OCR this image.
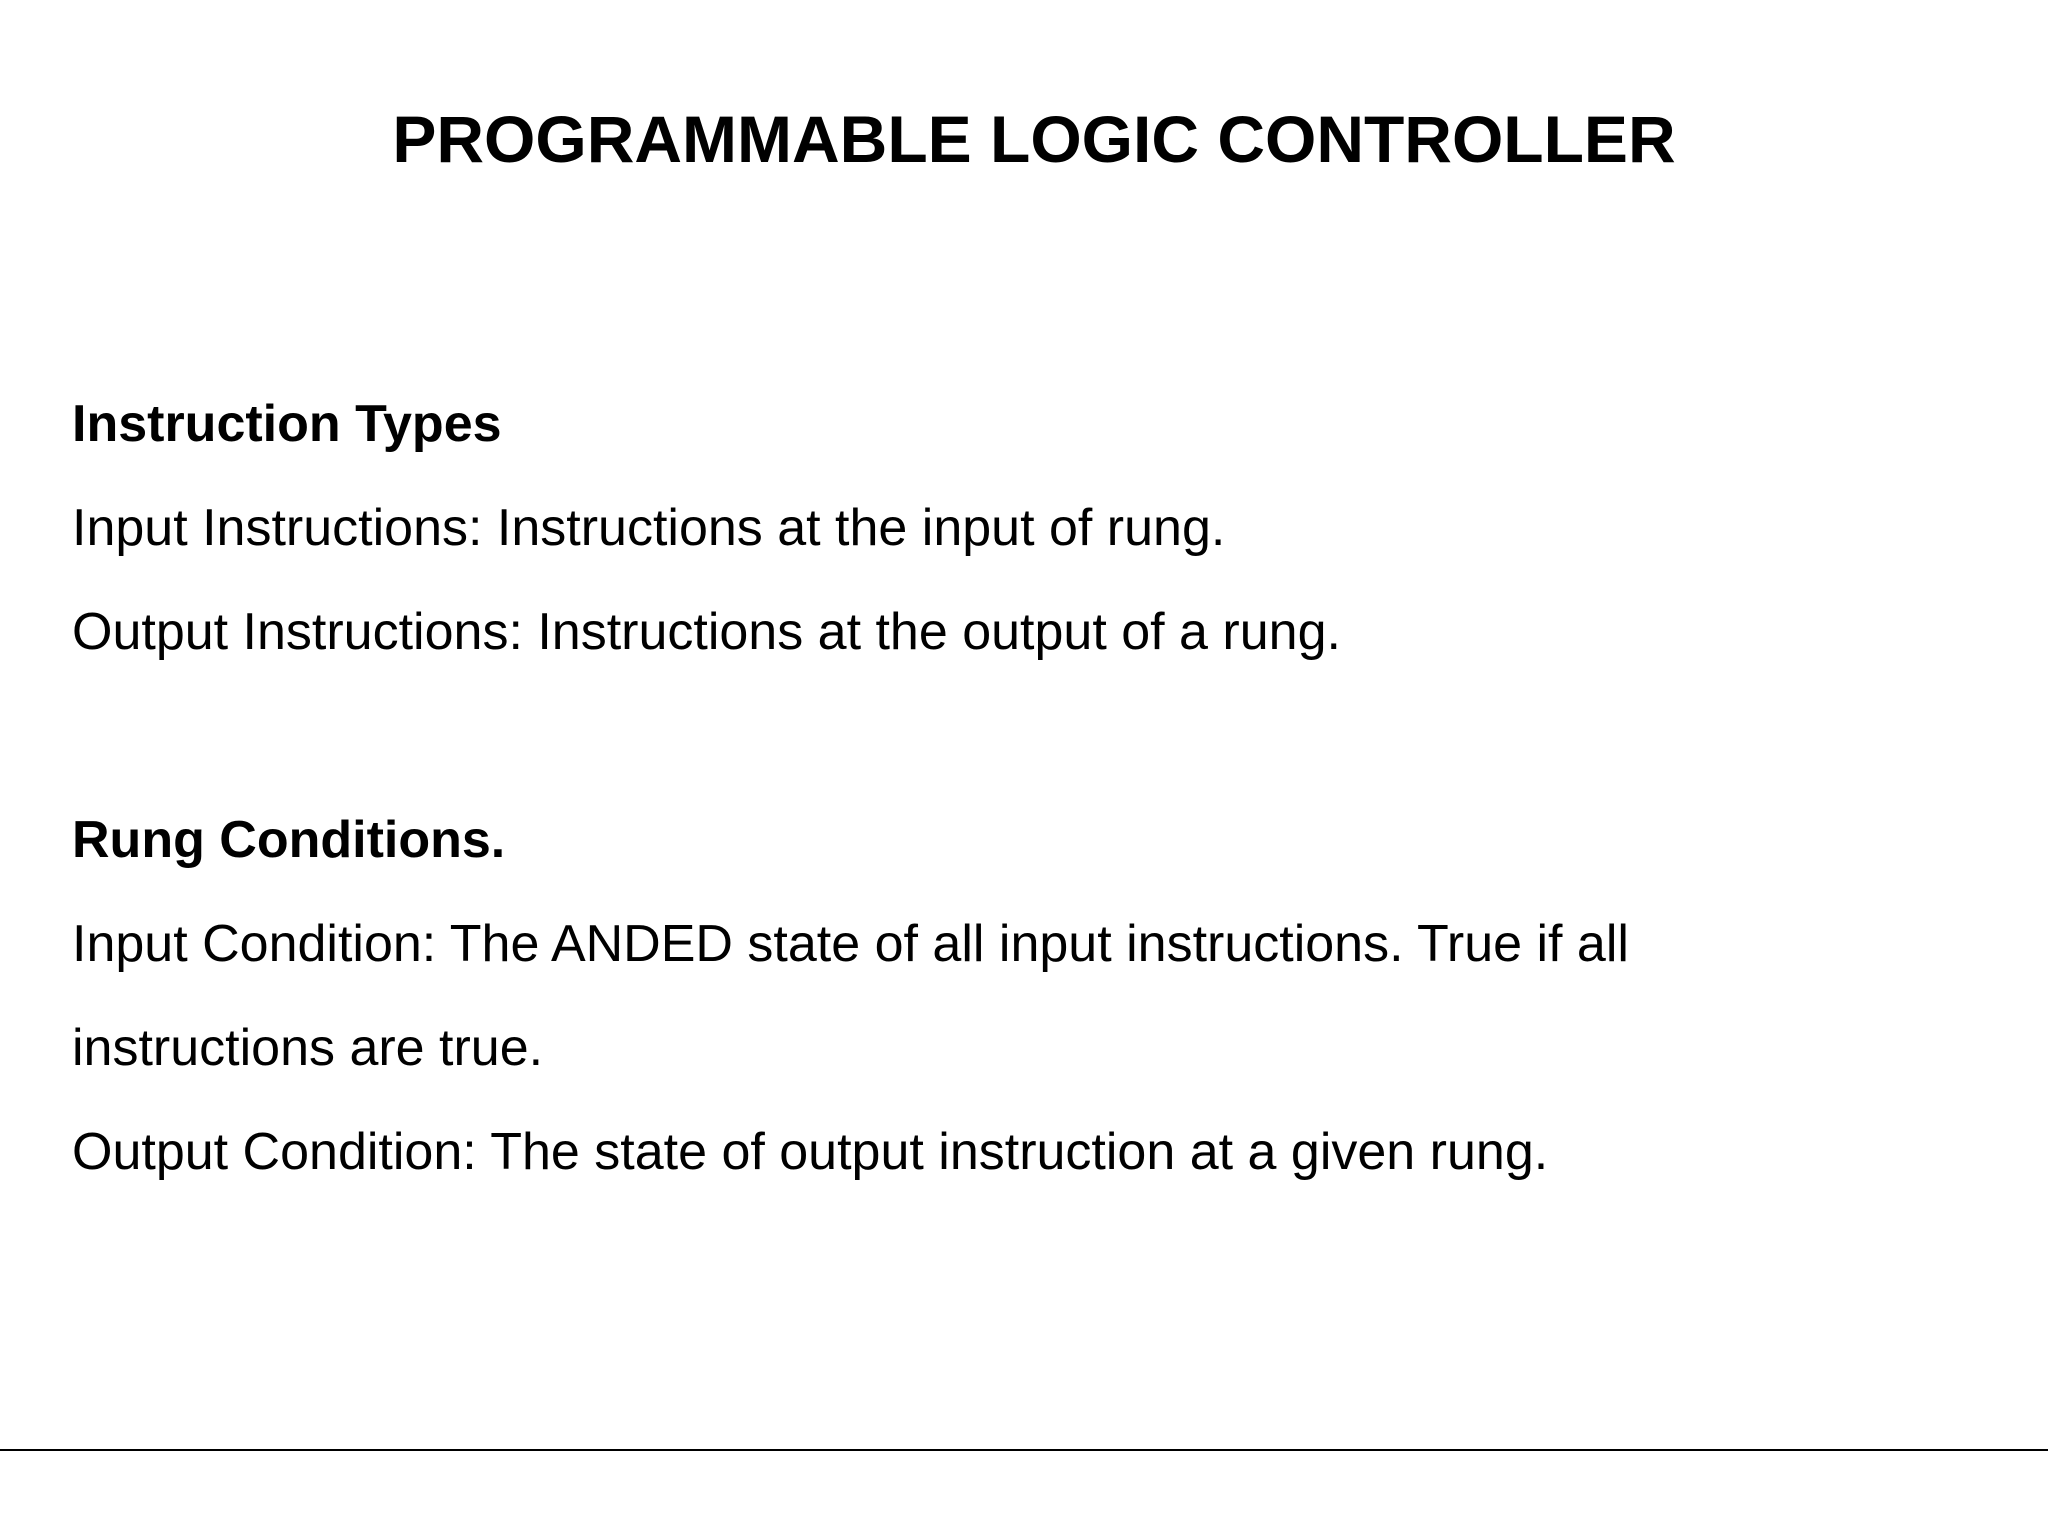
PROGRAMMABLE LOGIC CONTROLLER
Instruction Types
Input Instructions: Instructions at the input of rung.
Output Instructions: Instructions at the output of a rung.
Rung Conditions.
Input Condition: The ANDED state of all input instructions. True if all
instructions are true.
Output Condition: The state of output instruction at a given rung.
